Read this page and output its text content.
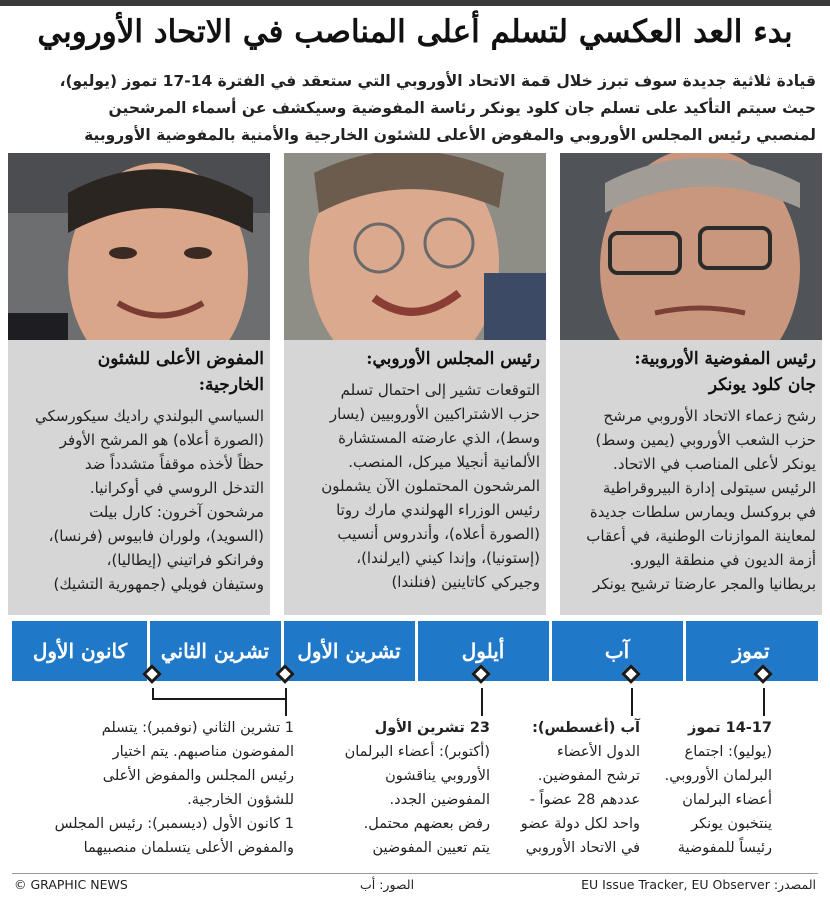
بدء العد العكسي لتسلم أعلى المناصب في الاتحاد الأوروبي
قيادة ثلاثية جديدة سوف تبرز خلال قمة الاتحاد الأوروبي التي ستعقد في الفترة 14-17 تموز (يوليو)،
حيث سيتم التأكيد على تسلم جان كلود يونكر رئاسة المفوضية وسيكشف عن أسماء المرشحين
لمنصبي رئيس المجلس الأوروبي والمفوض الأعلى للشئون الخارجية والأمنية بالمفوضية الأوروبية
رئيس المفوضية الأوروبية:
جان كلود يونكر
رشح زعماء الاتحاد الأوروبي مرشح
حزب الشعب الأوروبي (يمين وسط)
يونكر لأعلى المناصب في الاتحاد.
الرئيس سيتولى إدارة البيروقراطية
في بروكسل ويمارس سلطات جديدة
لمعاينة الموازنات الوطنية، في أعقاب
أزمة الديون في منطقة اليورو.
بريطانيا والمجر عارضتا ترشيح يونكر
رئيس المجلس الأوروبي:
التوقعات تشير إلى احتمال تسلم
حزب الاشتراكيين الأوروبيين (يسار
وسط)، الذي عارضته المستشارة
الألمانية أنجيلا ميركل، المنصب.
المرشحون المحتملون الآن يشملون
رئيس الوزراء الهولندي مارك روتا
(الصورة أعلاه)، وأندروس أنسيب
(إستونيا)، وإندا كيني (ايرلندا)،
وجيركي كاتاينين (فنلندا)
المفوض الأعلى للشئون
الخارجية:
السياسي البولندي راديك سيكورسكي
(الصورة أعلاه) هو المرشح الأوفر
حظاً لأخذه موقفاً متشدداً ضد
التدخل الروسي في أوكرانيا.
مرشحون آخرون: كارل بيلت
(السويد)، ولوران فابيوس (فرنسا)،
وفرانكو فراتيني (إيطاليا)،
وستيفان فويلي (جمهورية التشيك)
تموز
آب
أيلول
تشرين الأول
تشرين الثاني
كانون الأول
14-17 تموز
(يوليو): اجتماع
البرلمان الأوروبي.
أعضاء البرلمان
ينتخبون يونكر
رئيساً للمفوضية
آب (أغسطس):
الدول الأعضاء
ترشح المفوضين.
عددهم 28 عضواً -
واحد لكل دولة عضو
في الاتحاد الأوروبي
23 تشرين الأول
(أكتوبر): أعضاء البرلمان
الأوروبي يناقشون
المفوضين الجدد.
رفض بعضهم محتمل.
يتم تعيين المفوضين
1 تشرين الثاني (نوفمبر): يتسلم
المفوضون مناصبهم. يتم اختيار
رئيس المجلس والمفوض الأعلى
للشؤون الخارجية.
1 كانون الأول (ديسمبر): رئيس المجلس
والمفوض الأعلى يتسلمان منصبيهما
© GRAPHIC NEWS	الصور: أب	المصدر: EU Issue Tracker, EU Observer
